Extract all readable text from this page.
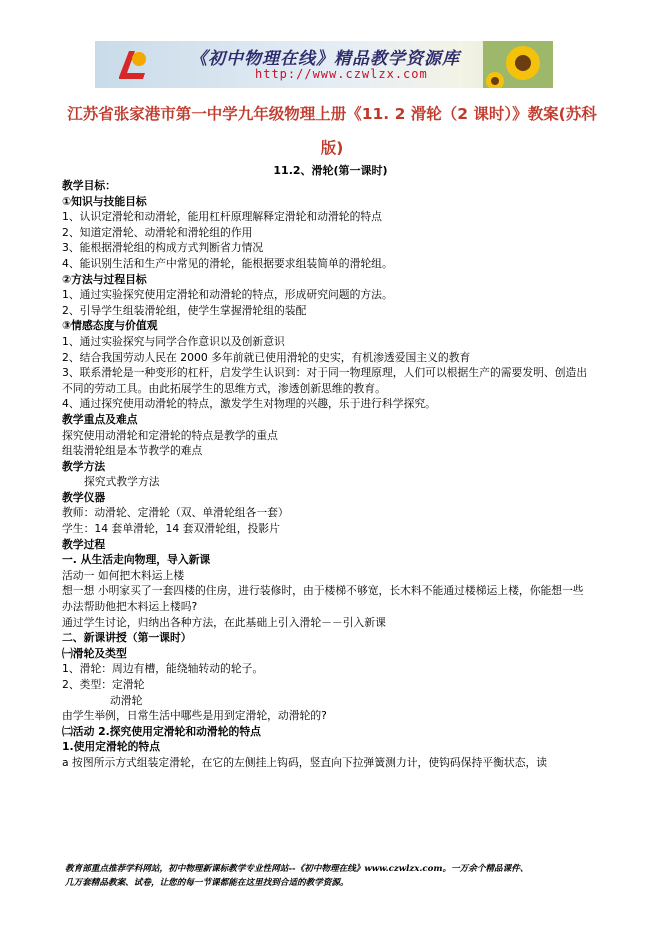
《初中物理在线》精品教学资源库
http://www.czwlzx.com
江苏省张家港市第一中学九年级物理上册《11. 2 滑轮（2 课时）》教案(苏科版)
11.2、滑轮(第一课时)
教学目标：
①知识与技能目标
1、认识定滑轮和动滑轮，能用杠杆原理解释定滑轮和动滑轮的特点
2、知道定滑轮、动滑轮和滑轮组的作用
3、能根据滑轮组的构成方式判断省力情况
4、能识别生活和生产中常见的滑轮，能根据要求组装简单的滑轮组。
②方法与过程目标
1、通过实验探究使用定滑轮和动滑轮的特点，形成研究问题的方法。
2、引导学生组装滑轮组，使学生掌握滑轮组的装配
③情感态度与价值观
1、通过实验探究与同学合作意识以及创新意识
2、结合我国劳动人民在 2000 多年前就已使用滑轮的史实，有机渗透爱国主义的教育
3、联系滑轮是一种变形的杠杆，启发学生认识到：对于同一物理原理，人们可以根据生产的需要发明、创造出不同的劳动工具。由此拓展学生的思维方式，渗透创新思维的教育。
4、通过探究使用动滑轮的特点，激发学生对物理的兴趣，乐于进行科学探究。
教学重点及难点
探究使用动滑轮和定滑轮的特点是教学的重点
组装滑轮组是本节教学的难点
教学方法
探究式教学方法
教学仪器
教师：动滑轮、定滑轮（双、单滑轮组各一套）
学生：14 套单滑轮，14 套双滑轮组，投影片
教学过程
一. 从生活走向物理，导入新课
活动一 如何把木料运上楼
想一想 小明家买了一套四楼的住房，进行装修时，由于楼梯不够宽，长木料不能通过楼梯运上楼，你能想一些办法帮助他把木料运上楼吗?
通过学生讨论，归纳出各种方法，在此基础上引入滑轮－－引入新课
二、新课讲授（第一课时）
㈠滑轮及类型
1、滑轮：周边有槽，能绕轴转动的轮子。
2、类型：定滑轮
动滑轮
由学生举例，日常生活中哪些是用到定滑轮，动滑轮的?
㈡活动 2.探究使用定滑轮和动滑轮的特点
1.使用定滑轮的特点
a 按图所示方式组装定滑轮，在它的左侧挂上钩码，竖直向下拉弹簧测力计，使钩码保持平衡状态，读
教育部重点推荐学科网站，初中物理新课标教学专业性网站--《初中物理在线》www.czwlzx.com。一万余个精品课件、
几万套精品教案、试卷，让您的每一节课都能在这里找到合适的教学资源。
